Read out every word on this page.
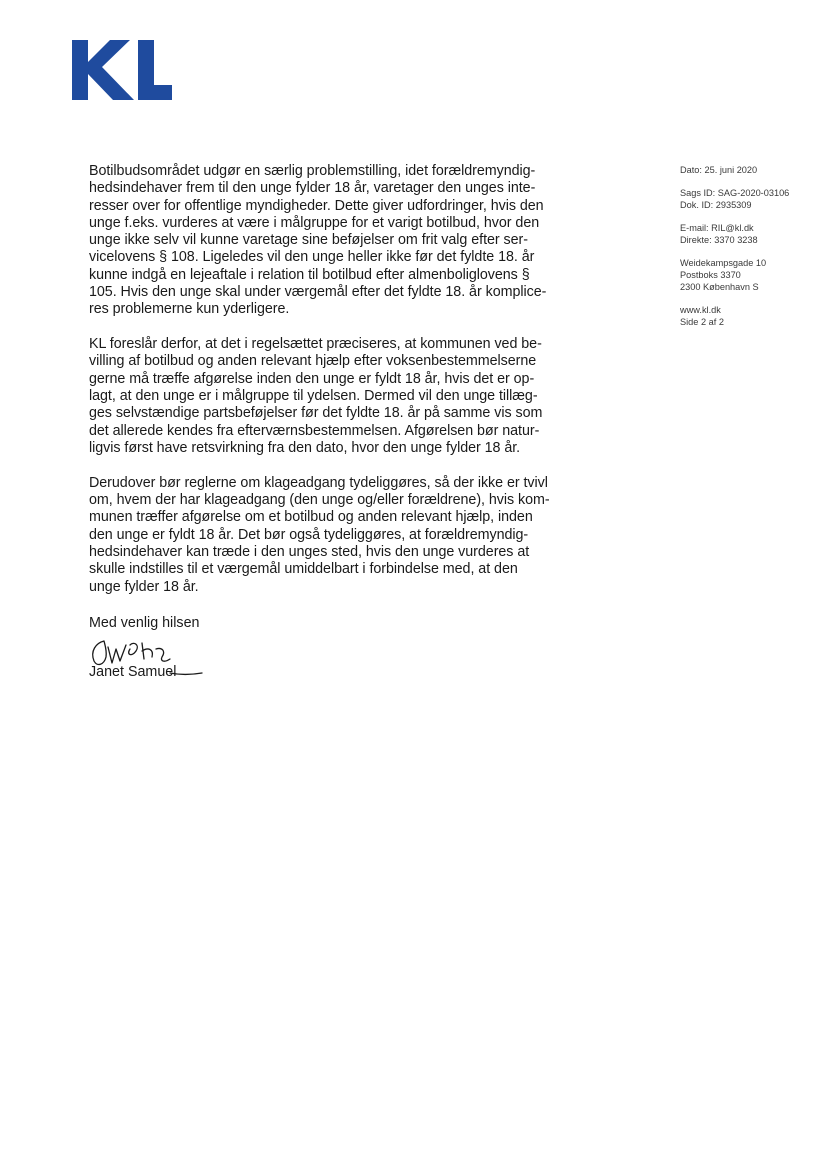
Botilbudsområdet udgør en særlig problemstilling, idet forældremyndig-
hedsindehaver frem til den unge fylder 18 år, varetager den unges inte-
resser over for offentlige myndigheder. Dette giver udfordringer, hvis den
unge f.eks. vurderes at være i målgruppe for et varigt botilbud, hvor den
unge ikke selv vil kunne varetage sine beføjelser om frit valg efter ser-
vicelovens § 108. Ligeledes vil den unge heller ikke før det fyldte 18. år
kunne indgå en lejeaftale i relation til botilbud efter almenboliglovens §
105. Hvis den unge skal under værgemål efter det fyldte 18. år komplice-
res problemerne kun yderligere.

KL foreslår derfor, at det i regelsættet præciseres, at kommunen ved be-
villing af botilbud og anden relevant hjælp efter voksenbestemmelserne
gerne må træffe afgørelse inden den unge er fyldt 18 år, hvis det er op-
lagt, at den unge er i målgruppe til ydelsen. Dermed vil den unge tillæg-
ges selvstændige partsbeføjelser før det fyldte 18. år på samme vis som
det allerede kendes fra efterværnsbestemmelsen. Afgørelsen bør natur-
ligvis først have retsvirkning fra den dato, hvor den unge fylder 18 år.

Derudover bør reglerne om klageadgang tydeliggøres, så der ikke er tvivl
om, hvem der har klageadgang (den unge og/eller forældrene), hvis kom-
munen træffer afgørelse om et botilbud og anden relevant hjælp, inden
den unge er fyldt 18 år. Det bør også tydeliggøres, at forældremyndig-
hedsindehaver kan træde i den unges sted, hvis den unge vurderes at
skulle indstilles til et værgemål umiddelbart i forbindelse med, at den
unge fylder 18 år.

Med venlig hilsen
Janet Samuel
Dato: 25. juni 2020
Sags ID: SAG-2020-03106
Dok. ID: 2935309
E-mail: RIL@kl.dk
Direkte: 3370 3238
Weidekampsgade 10
Postboks 3370
2300 København S
www.kl.dk
Side 2 af 2
